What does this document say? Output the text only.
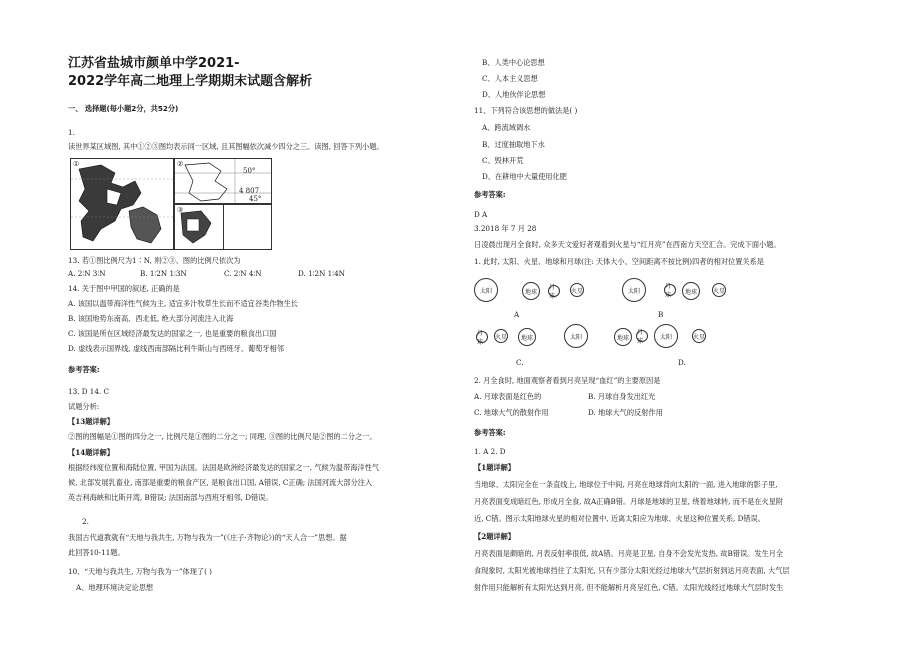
江苏省盐城市颜单中学2021-
2022学年高二地理上学期期末试题含解析
一、 选择题(每小题2分，共52分)
1.
读世界某区域图, 其中①②③图均表示同一区域, 且其图幅依次减少四分之三。读图, 回答下列小题。
①	②
50°
4 807
45°
③
13. 若①图比例尺为1∶N, 则②③、图的比例尺依次为
A. 2∶N 3∶N	B. 1∶2N 1∶3N	C. 2∶N 4∶N	D. 1∶2N 1∶4N
14. 关于图中甲国的叙述, 正确的是
A. 该国以温带海洋性气候为主, 适宜多汁牧草生长而不适宜谷类作物生长
B. 该国地势东南高、西北低, 绝大部分河流注入北海
C. 该国是所在区域经济最发达的国家之一, 也是重要的粮食出口国
D. 虚线表示国界线, 虚线西南部隔比利牛斯山与西班牙、葡萄牙相邻
参考答案:
13. D 14. C
试题分析:
【13题详解】
②图的图幅是①图的四分之一, 比例尺是①图的二分之一; 同理, ③图的比例尺是②图的二分之一。
【14题详解】
根据经纬度位置和海陆位置, 甲国为法国。法国是欧洲经济最发达的国家之一, 气候为温带海洋性气
候, 北部发展乳畜业, 南部是重要的粮食产区, 是粮食出口国, A错误, C正确; 法国河流大部分注入
英吉利海峡和比斯开湾, B错误; 法国南部与西班牙相邻, D错误。
2.
我国古代道教就有“天地与我共生, 万物与我为一”(《庄子·齐物论》)的“天人合一”思想。据
此回答10-11题。
10、“天地与我共生, 万物与我为一”体现了( )
A、地理环境决定论思想
B、人类中心论思想
C、人本主义思想
D、人地伙伴论思想
11、下列符合该思想的做法是( )
A、跨流域调水
B、过度抽取地下水
C、毁林开荒
D、在耕地中大量使用化肥
参考答案:
D A
3.2018 年 7 月 28
日凌晨出现月全食时, 众多天文爱好者观看到火星与“红月亮”在西南方天空汇合。完成下面小题。
1. 此时, 太阳、火星、地球和月球(注: 天体大小、空间距离不按比例)四者的相对位置关系是
太阳	地球
月球
火星	太阳
月球	地球	火星
A	B
月球
火星 地球	太阳	地球
月球
太阳	火星
C.	D.
2. 月全食时, 地面观察者看到月亮呈现“血红”的主要原因是
A. 月球表面是红色的	B. 月球自身发出红光
C. 地球大气的散射作用	D. 地球大气的反射作用
参考答案:
1. A 2. D
【1题详解】
当地球、太阳完全在一条直线上, 地球位于中间, 月亮在地球背向太阳的一面, 进入地球的影子里,
月亮表面变成暗红色, 形成月全食, 故A正确B错。月球是地球的卫星, 绕着地球转, 而不是在火星附
近, C错。图示太阳地球火星的相对位置中, 近离太阳应为地球、火星这种位置关系, D错误。
【2题详解】
月亮表面是颇暗的, 月表反射率很低, 故A错。月亮是卫星, 自身不会发光发热, 故B错误。发生月全
食现象时, 太阳光被地球挡住了太阳光, 只有少部分太阳光经过地球大气层折射到达月亮表面, 大气层
射作用只能解析有太阳光达到月亮, 但不能解析月亮呈红色, C错。太阳光线经过地球大气层时发生
